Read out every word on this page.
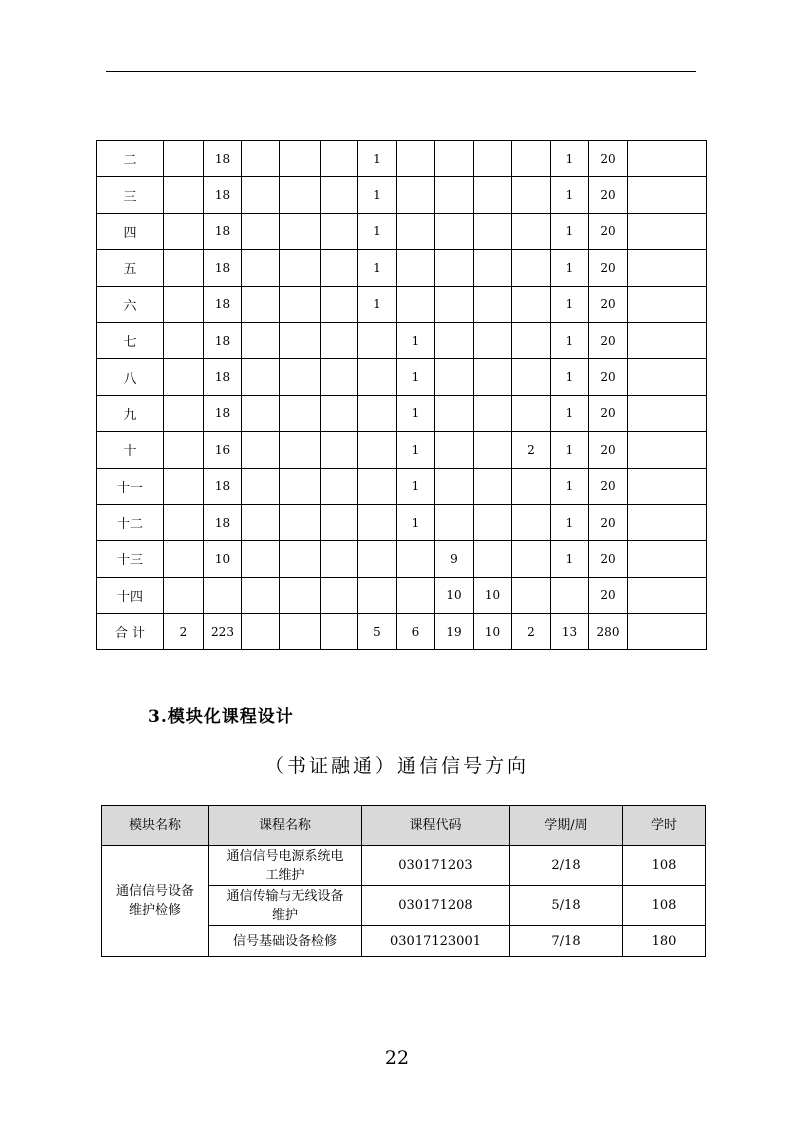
二		18				1					1	20	
三		18				1					1	20	
四		18				1					1	20	
五		18				1					1	20	
六		18				1					1	20	
七		18					1				1	20	
八		18					1				1	20	
九		18					1				1	20	
十		16					1			2	1	20	
十一		18					1				1	20	
十二		18					1				1	20	
十三		10						9			1	20	
十四								10	10			20	
合 计	2	223				5	6	19	10	2	13	280	
3.模块化课程设计
（书证融通）通信信号方向
模块名称	课程名称	课程代码	学期/周	学时
通信信号设备维护检修	通信信号电源系统电工维护	030171203	2/18	108
	通信传输与无线设备维护	030171208	5/18	108
	信号基础设备检修	03017123001	7/18	180
22
